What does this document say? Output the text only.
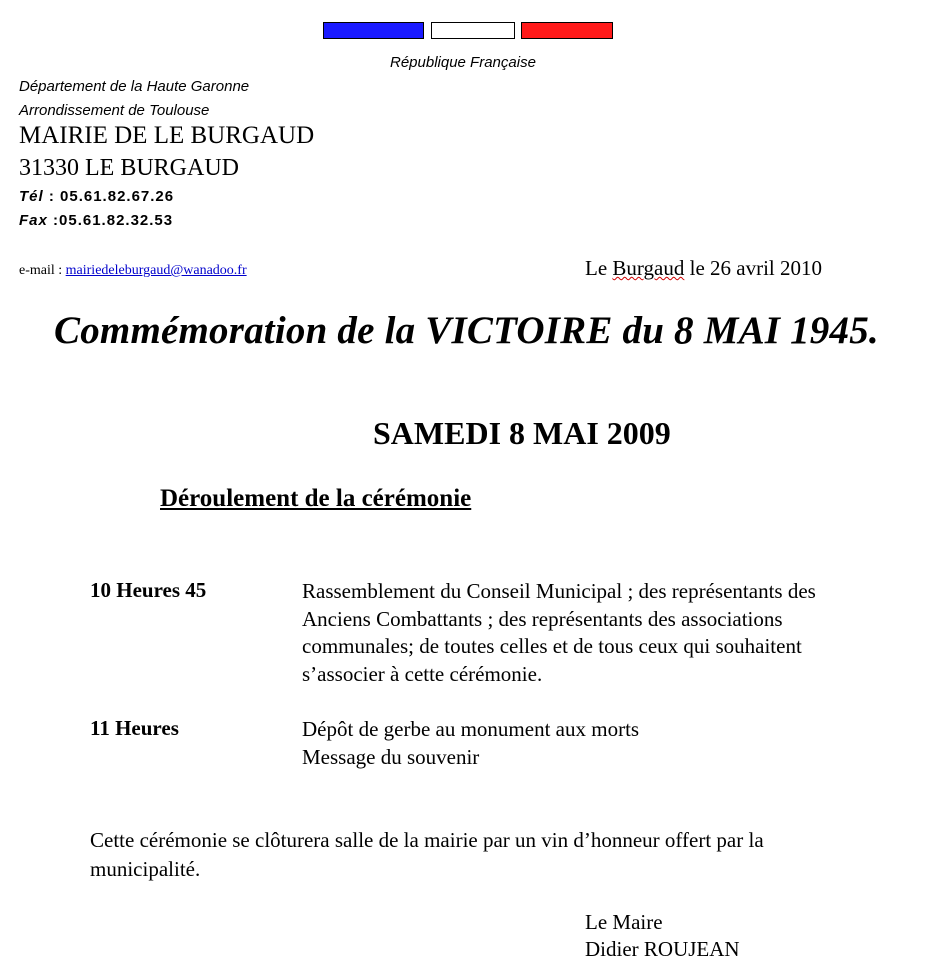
République Française
Département de la Haute Garonne
Arrondissement de Toulouse
MAIRIE DE LE BURGAUD
31330 LE BURGAUD
Tél : 05.61.82.67.26
Fax :05.61.82.32.53
e-mail : mairiedeleburgaud@wanadoo.fr	Le Burgaud le 26 avril 2010
Commémoration de la VICTOIRE du 8 MAI 1945.
SAMEDI 8 MAI 2009
Déroulement de la cérémonie
10 Heures 45	Rassemblement du Conseil Municipal ; des représentants des
Anciens Combattants ; des représentants des associations
communales; de toutes celles et de tous ceux qui souhaitent
s’associer à cette cérémonie.
11 Heures	Dépôt de gerbe au monument aux morts
Message du souvenir
Cette cérémonie se clôturera salle de la mairie par un vin d’honneur offert par la
municipalité.
Le Maire
Didier ROUJEAN
